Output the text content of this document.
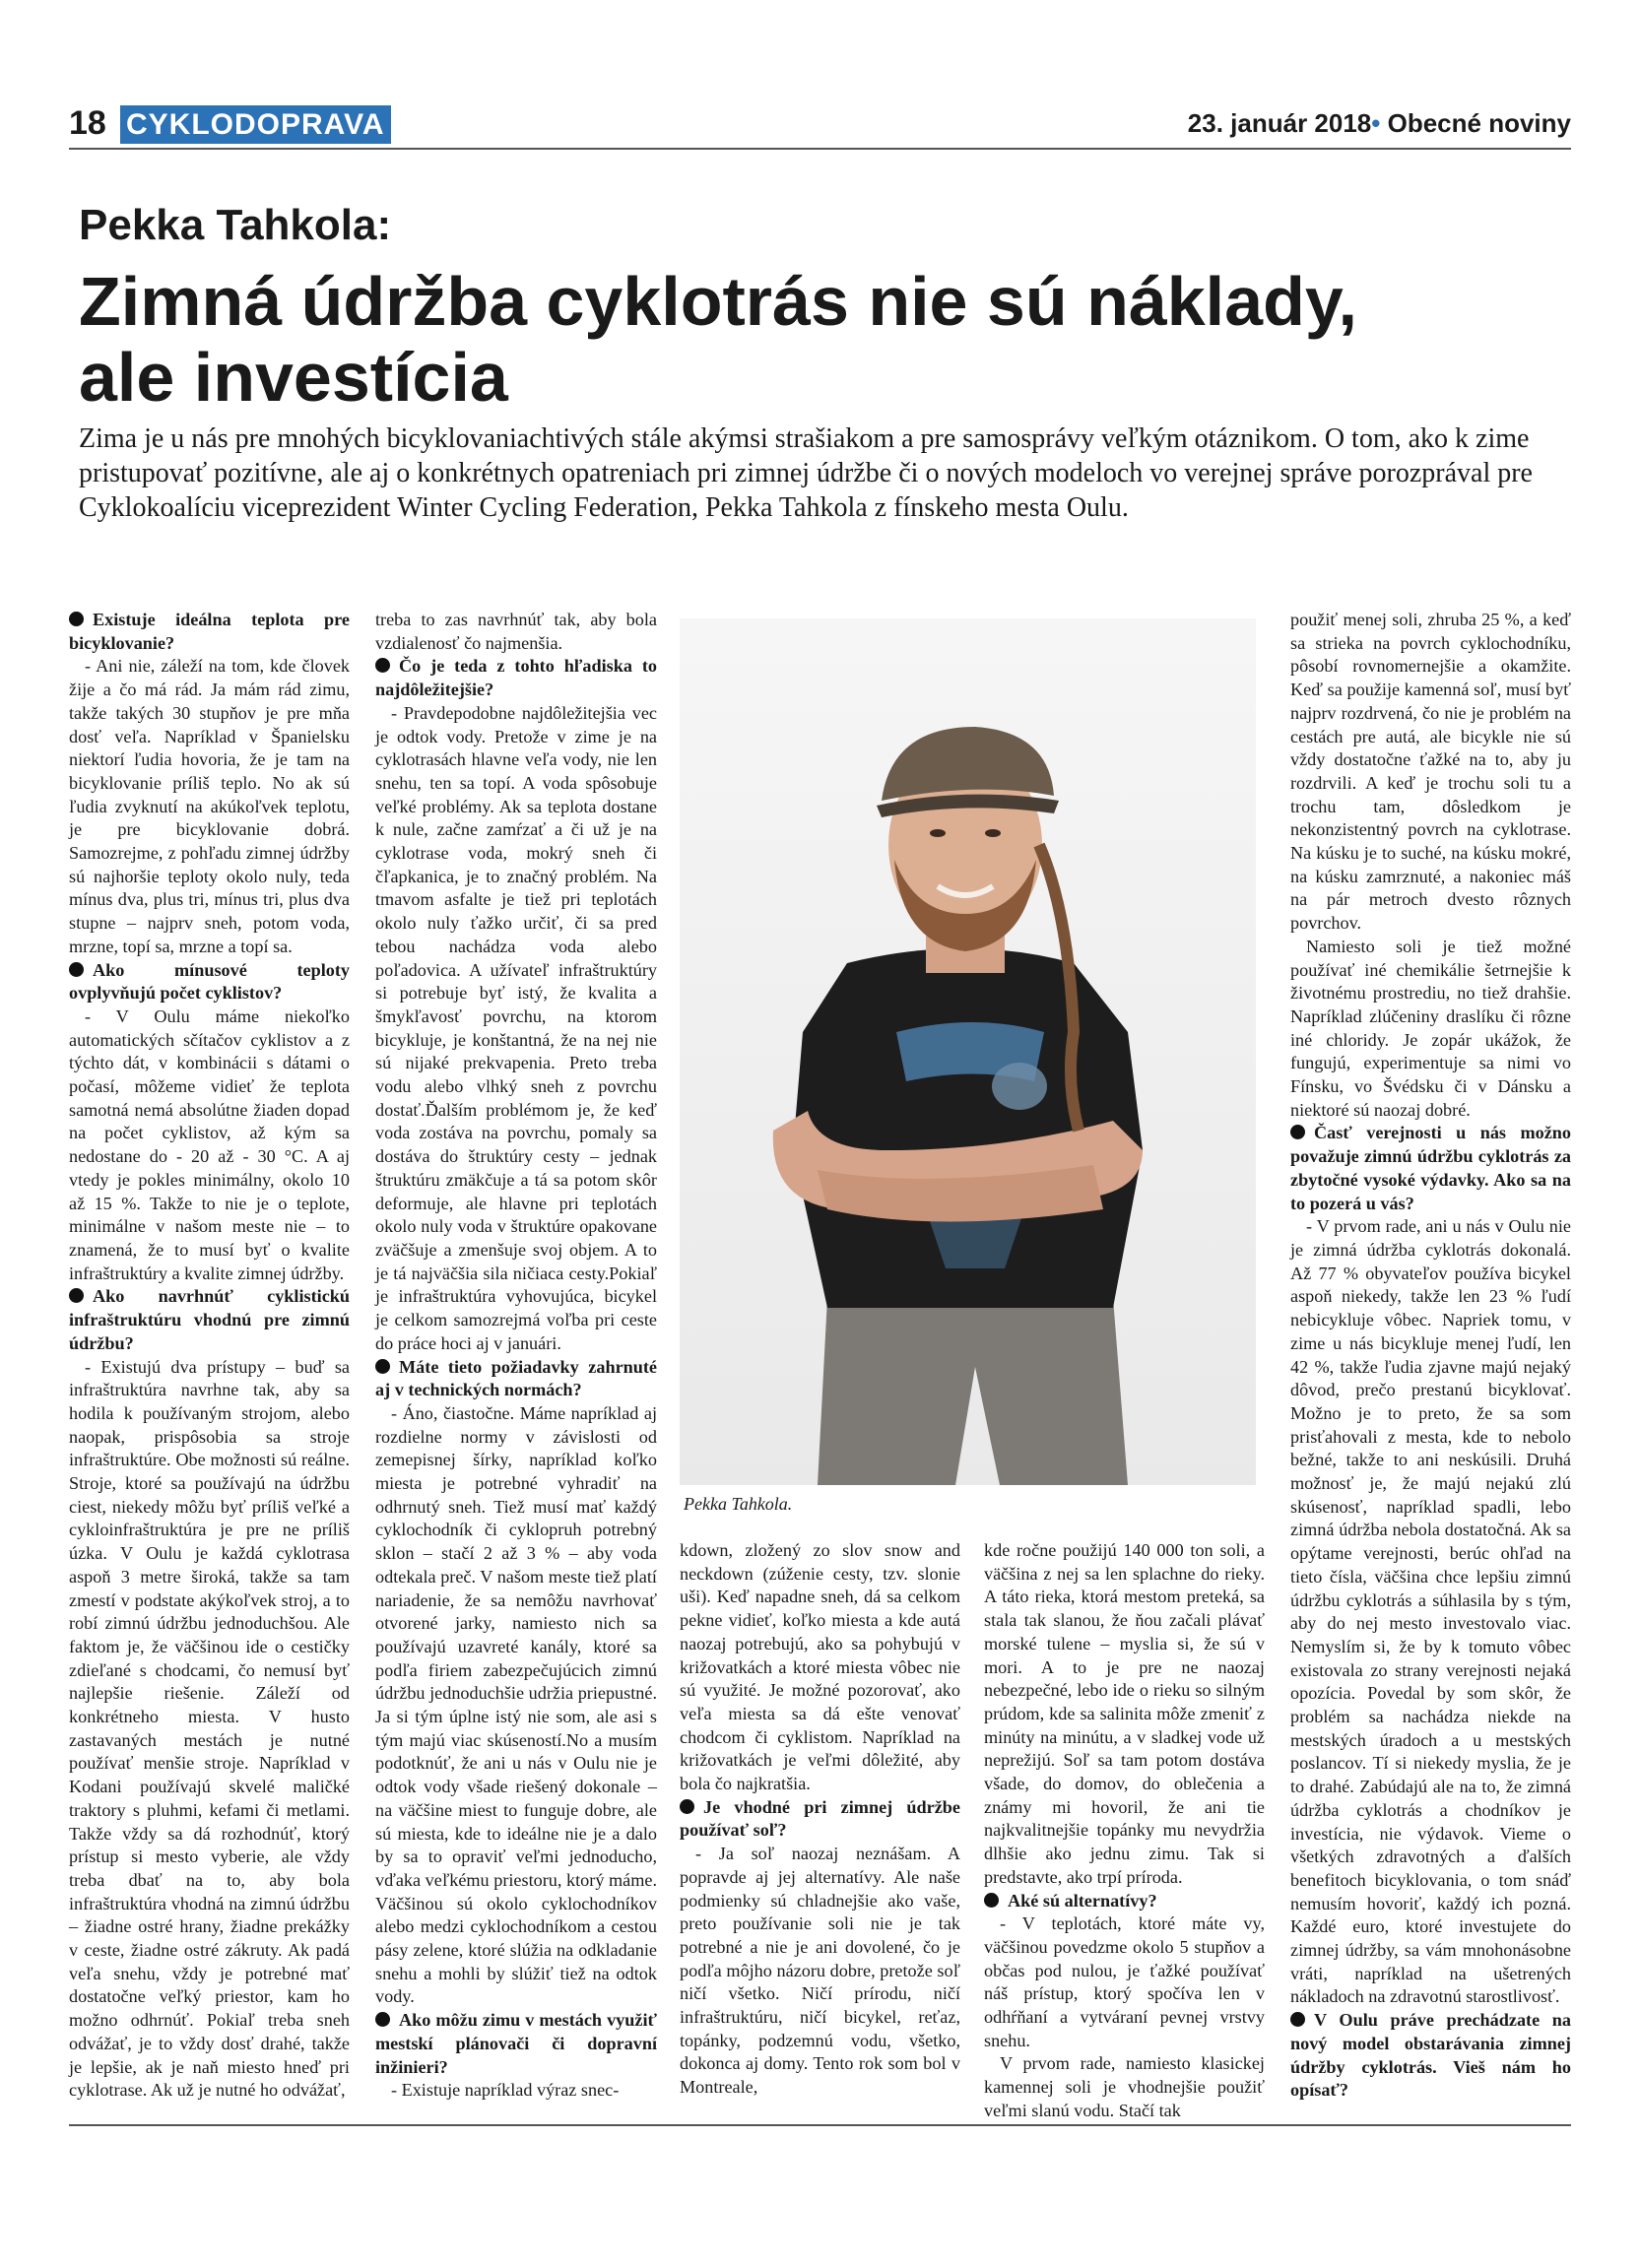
18 CYKLODOPRAVA	23. január 2018• Obecné noviny
Pekka Tahkola:
Zimná údržba cyklotrás nie sú náklady,
ale investícia
Zima je u nás pre mnohých bicyklovaniachtivých stále akýmsi strašiakom a pre samosprávy veľkým otáznikom. O tom, ako k zime pristupovať pozitívne, ale aj o konkrétnych opatreniach pri zimnej údržbe či o nových modeloch vo verejnej správe porozprával pre Cyklokoalíciu viceprezident Winter Cycling Federation, Pekka Tahkola z fínskeho mesta Oulu.

Existuje ideálna teplota pre bicyklovanie?

- Ani nie, záleží na tom, kde človek žije a čo má rád. Ja mám rád zimu, takže takých 30 stupňov je pre mňa dosť veľa. Napríklad v Španielsku niektorí ľudia hovoria, že je tam na bicyklovanie príliš teplo. No ak sú ľudia zvyknutí na akúkoľvek teplotu, je pre bicyklovanie dobrá. Samozrejme, z pohľadu zimnej údržby sú najhoršie teploty okolo nuly, teda mínus dva, plus tri, mínus tri, plus dva stupne – najprv sneh, potom voda, mrzne, topí sa, mrzne a topí sa.

Ako mínusové teploty ovplyvňujú počet cyklistov?

- V Oulu máme niekoľko automatických sčítačov cyklistov a z týchto dát, v kombinácii s dátami o počasí, môžeme vidieť že teplota samotná nemá absolútne žiaden dopad na počet cyklistov, až kým sa nedostane do - 20 až - 30 °C. A aj vtedy je pokles minimálny, okolo 10 až 15 %. Takže to nie je o teplote, minimálne v našom meste nie – to znamená, že to musí byť o kvalite infraštruktúry a kvalite zimnej údržby.

Ako navrhnúť cyklistickú infraštruktúru vhodnú pre zimnú údržbu?

- Existujú dva prístupy – buď sa infraštruktúra navrhne tak, aby sa hodila k používaným strojom, alebo naopak, prispôsobia sa stroje infraštruktúre. Obe možnosti sú reálne. Stroje, ktoré sa používajú na údržbu ciest, niekedy môžu byť príliš veľké a cykloinfraštruktúra je pre ne príliš úzka. V Oulu je každá cyklotrasa aspoň 3 metre široká, takže sa tam zmestí v podstate akýkoľvek stroj, a to robí zimnú údržbu jednoduchšou. Ale faktom je, že väčšinou ide o cestičky zdieľané s chodcami, čo nemusí byť najlepšie riešenie. Záleží od konkrétneho miesta. V husto zastavaných mestách je nutné používať menšie stroje. Napríklad v Kodani používajú skvelé maličké traktory s pluhmi, kefami či metlami. Takže vždy sa dá rozhodnúť, ktorý prístup si mesto vyberie, ale vždy treba dbať na to, aby bola infraštruktúra vhodná na zimnú údržbu – žiadne ostré hrany, žiadne prekážky v ceste, žiadne ostré zákruty. Ak padá veľa snehu, vždy je potrebné mať dostatočne veľký priestor, kam ho možno odhrnúť. Pokiaľ treba sneh odvážať, je to vždy dosť drahé, takže je lepšie, ak je naň miesto hneď pri cyklotrase. Ak už je nutné ho odvážať,

treba to zas navrhnúť tak, aby bola vzdialenosť čo najmenšia.

Čo je teda z tohto hľadiska to najdôležitejšie?

- Pravdepodobne najdôležitejšia vec je odtok vody. Pretože v zime je na cyklotrasách hlavne veľa vody, nie len snehu, ten sa topí. A voda spôsobuje veľké problémy. Ak sa teplota dostane k nule, začne zamŕzať a či už je na cyklotrase voda, mokrý sneh či čľapkanica, je to značný problém. Na tmavom asfalte je tiež pri teplotách okolo nuly ťažko určiť, či sa pred tebou nachádza voda alebo poľadovica. A užívateľ infraštruktúry si potrebuje byť istý, že kvalita a šmykľavosť povrchu, na ktorom bicykluje, je konštantná, že na nej nie sú nijaké prekvapenia. Preto treba vodu alebo vlhký sneh z povrchu dostať.Ďalším problémom je, že keď voda zostáva na povrchu, pomaly sa dostáva do štruktúry cesty – jednak štruktúru zmäkčuje a tá sa potom skôr deformuje, ale hlavne pri teplotách okolo nuly voda v štruktúre opakovane zväčšuje a zmenšuje svoj objem. A to je tá najväčšia sila ničiaca cesty.Pokiaľ je infraštruktúra vyhovujúca, bicykel je celkom samozrejmá voľba pri ceste do práce hoci aj v januári.

Máte tieto požiadavky zahrnuté aj v technických normách?

- Áno, čiastočne. Máme napríklad aj rozdielne normy v závislosti od zemepisnej šírky, napríklad koľko miesta je potrebné vyhradiť na odhrnutý sneh. Tiež musí mať každý cyklochodník či cyklopruh potrebný sklon – stačí 2 až 3 % – aby voda odtekala preč. V našom meste tiež platí nariadenie, že sa nemôžu navrhovať otvorené jarky, namiesto nich sa používajú uzavreté kanály, ktoré sa podľa firiem zabezpečujúcich zimnú údržbu jednoduchšie udržia priepustné. Ja si tým úplne istý nie som, ale asi s tým majú viac skúseností.No a musím podotknúť, že ani u nás v Oulu nie je odtok vody všade riešený dokonale – na väčšine miest to funguje dobre, ale sú miesta, kde to ideálne nie je a dalo by sa to opraviť veľmi jednoducho, vďaka veľkému priestoru, ktorý máme. Väčšinou sú okolo cyklochodníkov alebo medzi cyklochodníkom a cestou pásy zelene, ktoré slúžia na odkladanie snehu a mohli by slúžiť tiež na odtok vody.

Ako môžu zimu v mestách využiť mestskí plánovači či dopravní inžinieri?

- Existuje napríklad výraz snec-

kdown, zložený zo slov snow and neckdown (zúženie cesty, tzv. slonie uši). Keď napadne sneh, dá sa celkom pekne vidieť, koľko miesta a kde autá naozaj potrebujú, ako sa pohybujú v križovatkách a ktoré miesta vôbec nie sú využité. Je možné pozorovať, ako veľa miesta sa dá ešte venovať chodcom či cyklistom. Napríklad na križovatkách je veľmi dôležité, aby bola čo najkratšia.

Je vhodné pri zimnej údržbe používať soľ?

- Ja soľ naozaj neznášam. A popravde aj jej alternatívy. Ale naše podmienky sú chladnejšie ako vaše, preto používanie soli nie je tak potrebné a nie je ani dovolené, čo je podľa môjho názoru dobre, pretože soľ ničí všetko. Ničí prírodu, ničí infraštruktúru, ničí bicykel, reťaz, topánky, podzemnú vodu, všetko, dokonca aj domy. Tento rok som bol v Montreale,

kde ročne použijú 140 000 ton soli, a väčšina z nej sa len splachne do rieky. A táto rieka, ktorá mestom preteká, sa stala tak slanou, že ňou začali plávať morské tulene – myslia si, že sú v mori. A to je pre ne naozaj nebezpečné, lebo ide o rieku so silným prúdom, kde sa salinita môže zmeniť z minúty na minútu, a v sladkej vode už neprežijú. Soľ sa tam potom dostáva všade, do domov, do oblečenia a známy mi hovoril, že ani tie najkvalitnejšie topánky mu nevydržia dlhšie ako jednu zimu. Tak si predstavte, ako trpí príroda.

Aké sú alternatívy?

- V teplotách, ktoré máte vy, väčšinou povedzme okolo 5 stupňov a občas pod nulou, je ťažké používať náš prístup, ktorý spočíva len v odhŕňaní a vytváraní pevnej vrstvy snehu.

V prvom rade, namiesto klasickej kamennej soli je vhodnejšie použiť veľmi slanú vodu. Stačí tak

použiť menej soli, zhruba 25 %, a keď sa strieka na povrch cyklochodníku, pôsobí rovnomernejšie a okamžite. Keď sa použije kamenná soľ, musí byť najprv rozdrvená, čo nie je problém na cestách pre autá, ale bicykle nie sú vždy dostatočne ťažké na to, aby ju rozdrvili. A keď je trochu soli tu a trochu tam, dôsledkom je nekonzistentný povrch na cyklotrase. Na kúsku je to suché, na kúsku mokré, na kúsku zamrznuté, a nakoniec máš na pár metroch dvesto rôznych povrchov.

Namiesto soli je tiež možné používať iné chemikálie šetrnejšie k životnému prostrediu, no tiež drahšie. Napríklad zlúčeniny draslíku či rôzne iné chloridy. Je zopár ukážok, že fungujú, experimentuje sa nimi vo Fínsku, vo Švédsku či v Dánsku a niektoré sú naozaj dobré.

Časť verejnosti u nás možno považuje zimnú údržbu cyklotrás za zbytočné vysoké výdavky. Ako sa na to pozerá u vás?

- V prvom rade, ani u nás v Oulu nie je zimná údržba cyklotrás dokonalá. Až 77 % obyvateľov používa bicykel aspoň niekedy, takže len 23 % ľudí nebicykluje vôbec. Napriek tomu, v zime u nás bicykluje menej ľudí, len 42 %, takže ľudia zjavne majú nejaký dôvod, prečo prestanú bicyklovať. Možno je to preto, že sa som prisťahovali z mesta, kde to nebolo bežné, takže to ani neskúsili. Druhá možnosť je, že majú nejakú zlú skúsenosť, napríklad spadli, lebo zimná údržba nebola dostatočná. Ak sa opýtame verejnosti, berúc ohľad na tieto čísla, väčšina chce lepšiu zimnú údržbu cyklotrás a súhlasila by s tým, aby do nej mesto investovalo viac. Nemyslím si, že by k tomuto vôbec existovala zo strany verejnosti nejaká opozícia. Povedal by som skôr, že problém sa nachádza niekde na mestských úradoch a u mestských poslancov. Tí si niekedy myslia, že je to drahé. Zabúdajú ale na to, že zimná údržba cyklotrás a chodníkov je investícia, nie výdavok. Vieme o všetkých zdravotných a ďalších benefitoch bicyklovania, o tom snáď nemusím hovoriť, každý ich pozná. Každé euro, ktoré investujete do zimnej údržby, sa vám mnohonásobne vráti, napríklad na ušetrených nákladoch na zdravotnú starostlivosť.

V Oulu práve prechádzate na nový model obstarávania zimnej údržby cyklotrás. Vieš nám ho opísať?

Pekka Tahkola.
